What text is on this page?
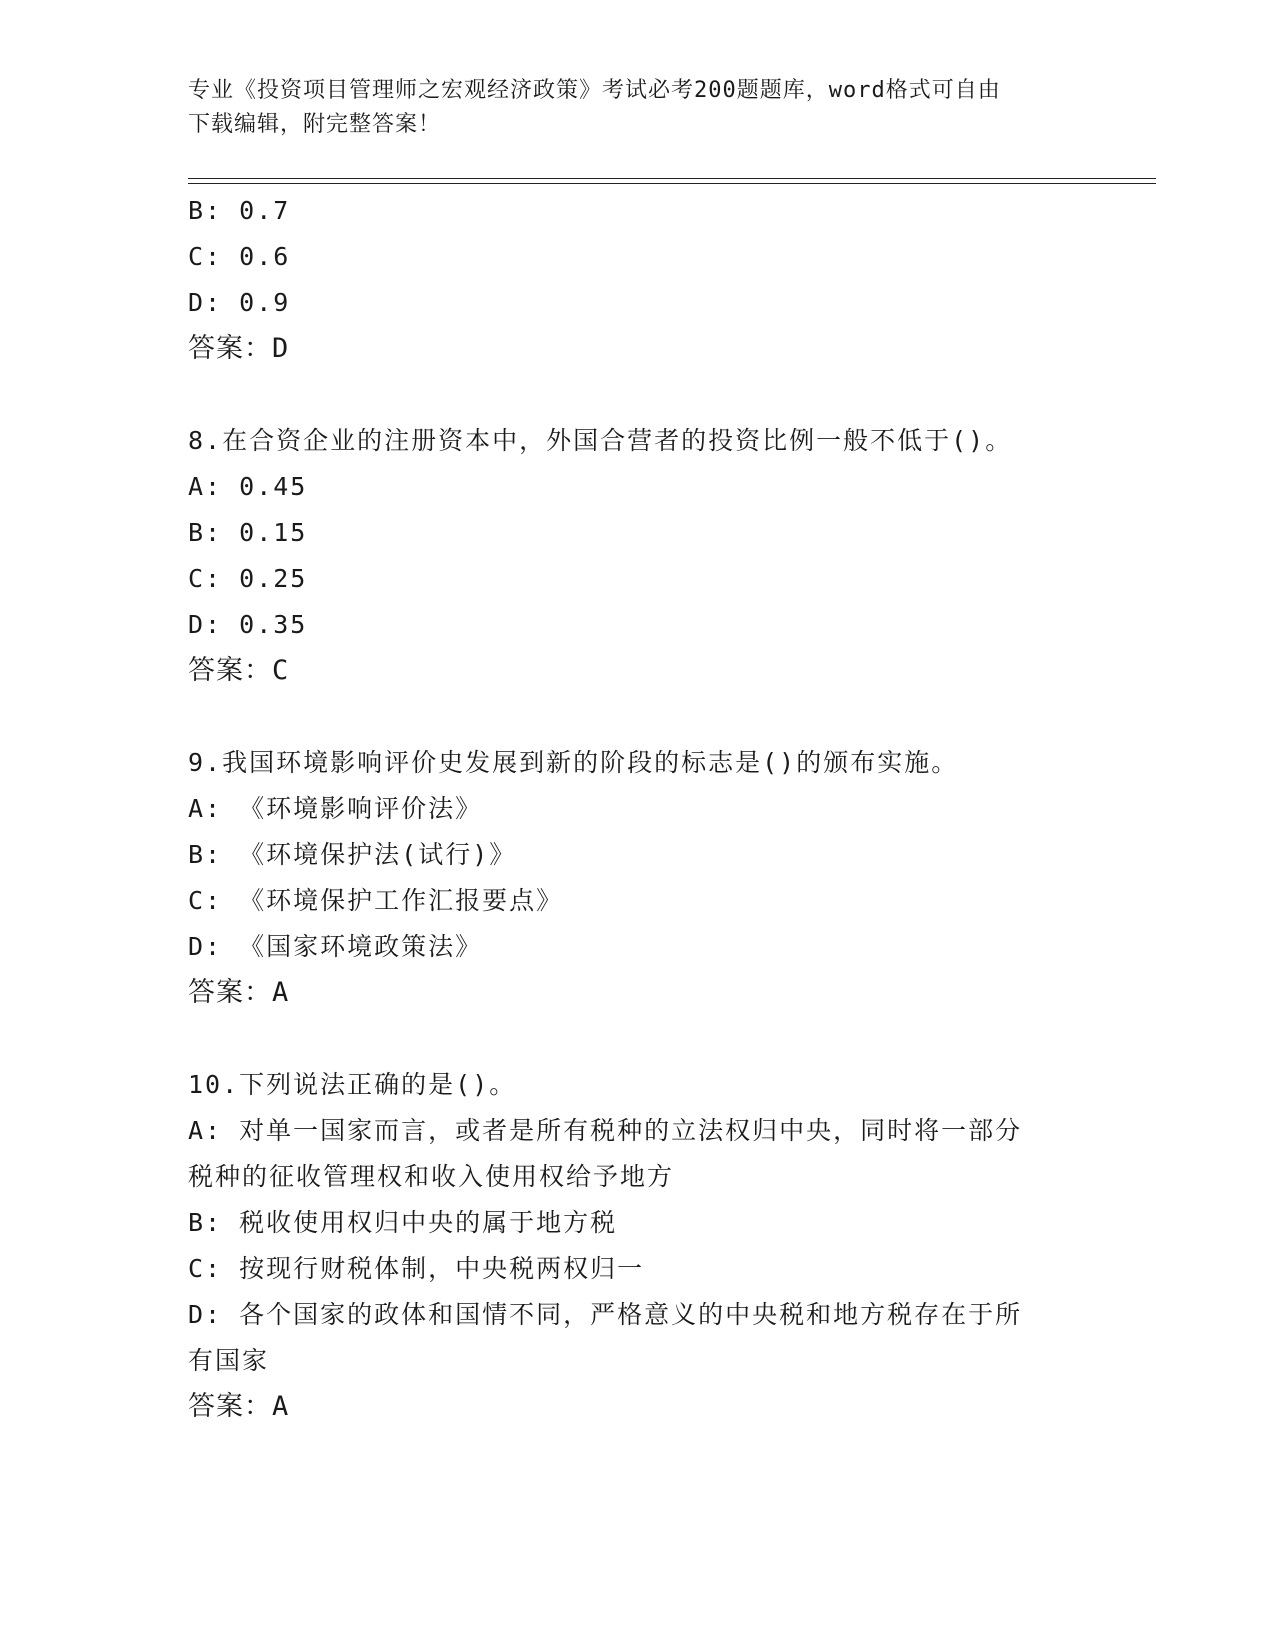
专业《投资项目管理师之宏观经济政策》考试必考200题题库，word格式可自由
下载编辑，附完整答案！
B: 0.7
C: 0.6
D: 0.9
答案：D
8.在合资企业的注册资本中，外国合营者的投资比例一般不低于()。
A: 0.45
B: 0.15
C: 0.25
D: 0.35
答案：C
9.我国环境影响评价史发展到新的阶段的标志是()的颁布实施。
A: 《环境影响评价法》
B: 《环境保护法(试行)》
C: 《环境保护工作汇报要点》
D: 《国家环境政策法》
答案：A
10.下列说法正确的是()。
A: 对单一国家而言，或者是所有税种的立法权归中央，同时将一部分
税种的征收管理权和收入使用权给予地方
B: 税收使用权归中央的属于地方税
C: 按现行财税体制，中央税两权归一
D: 各个国家的政体和国情不同，严格意义的中央税和地方税存在于所
有国家
答案：A
